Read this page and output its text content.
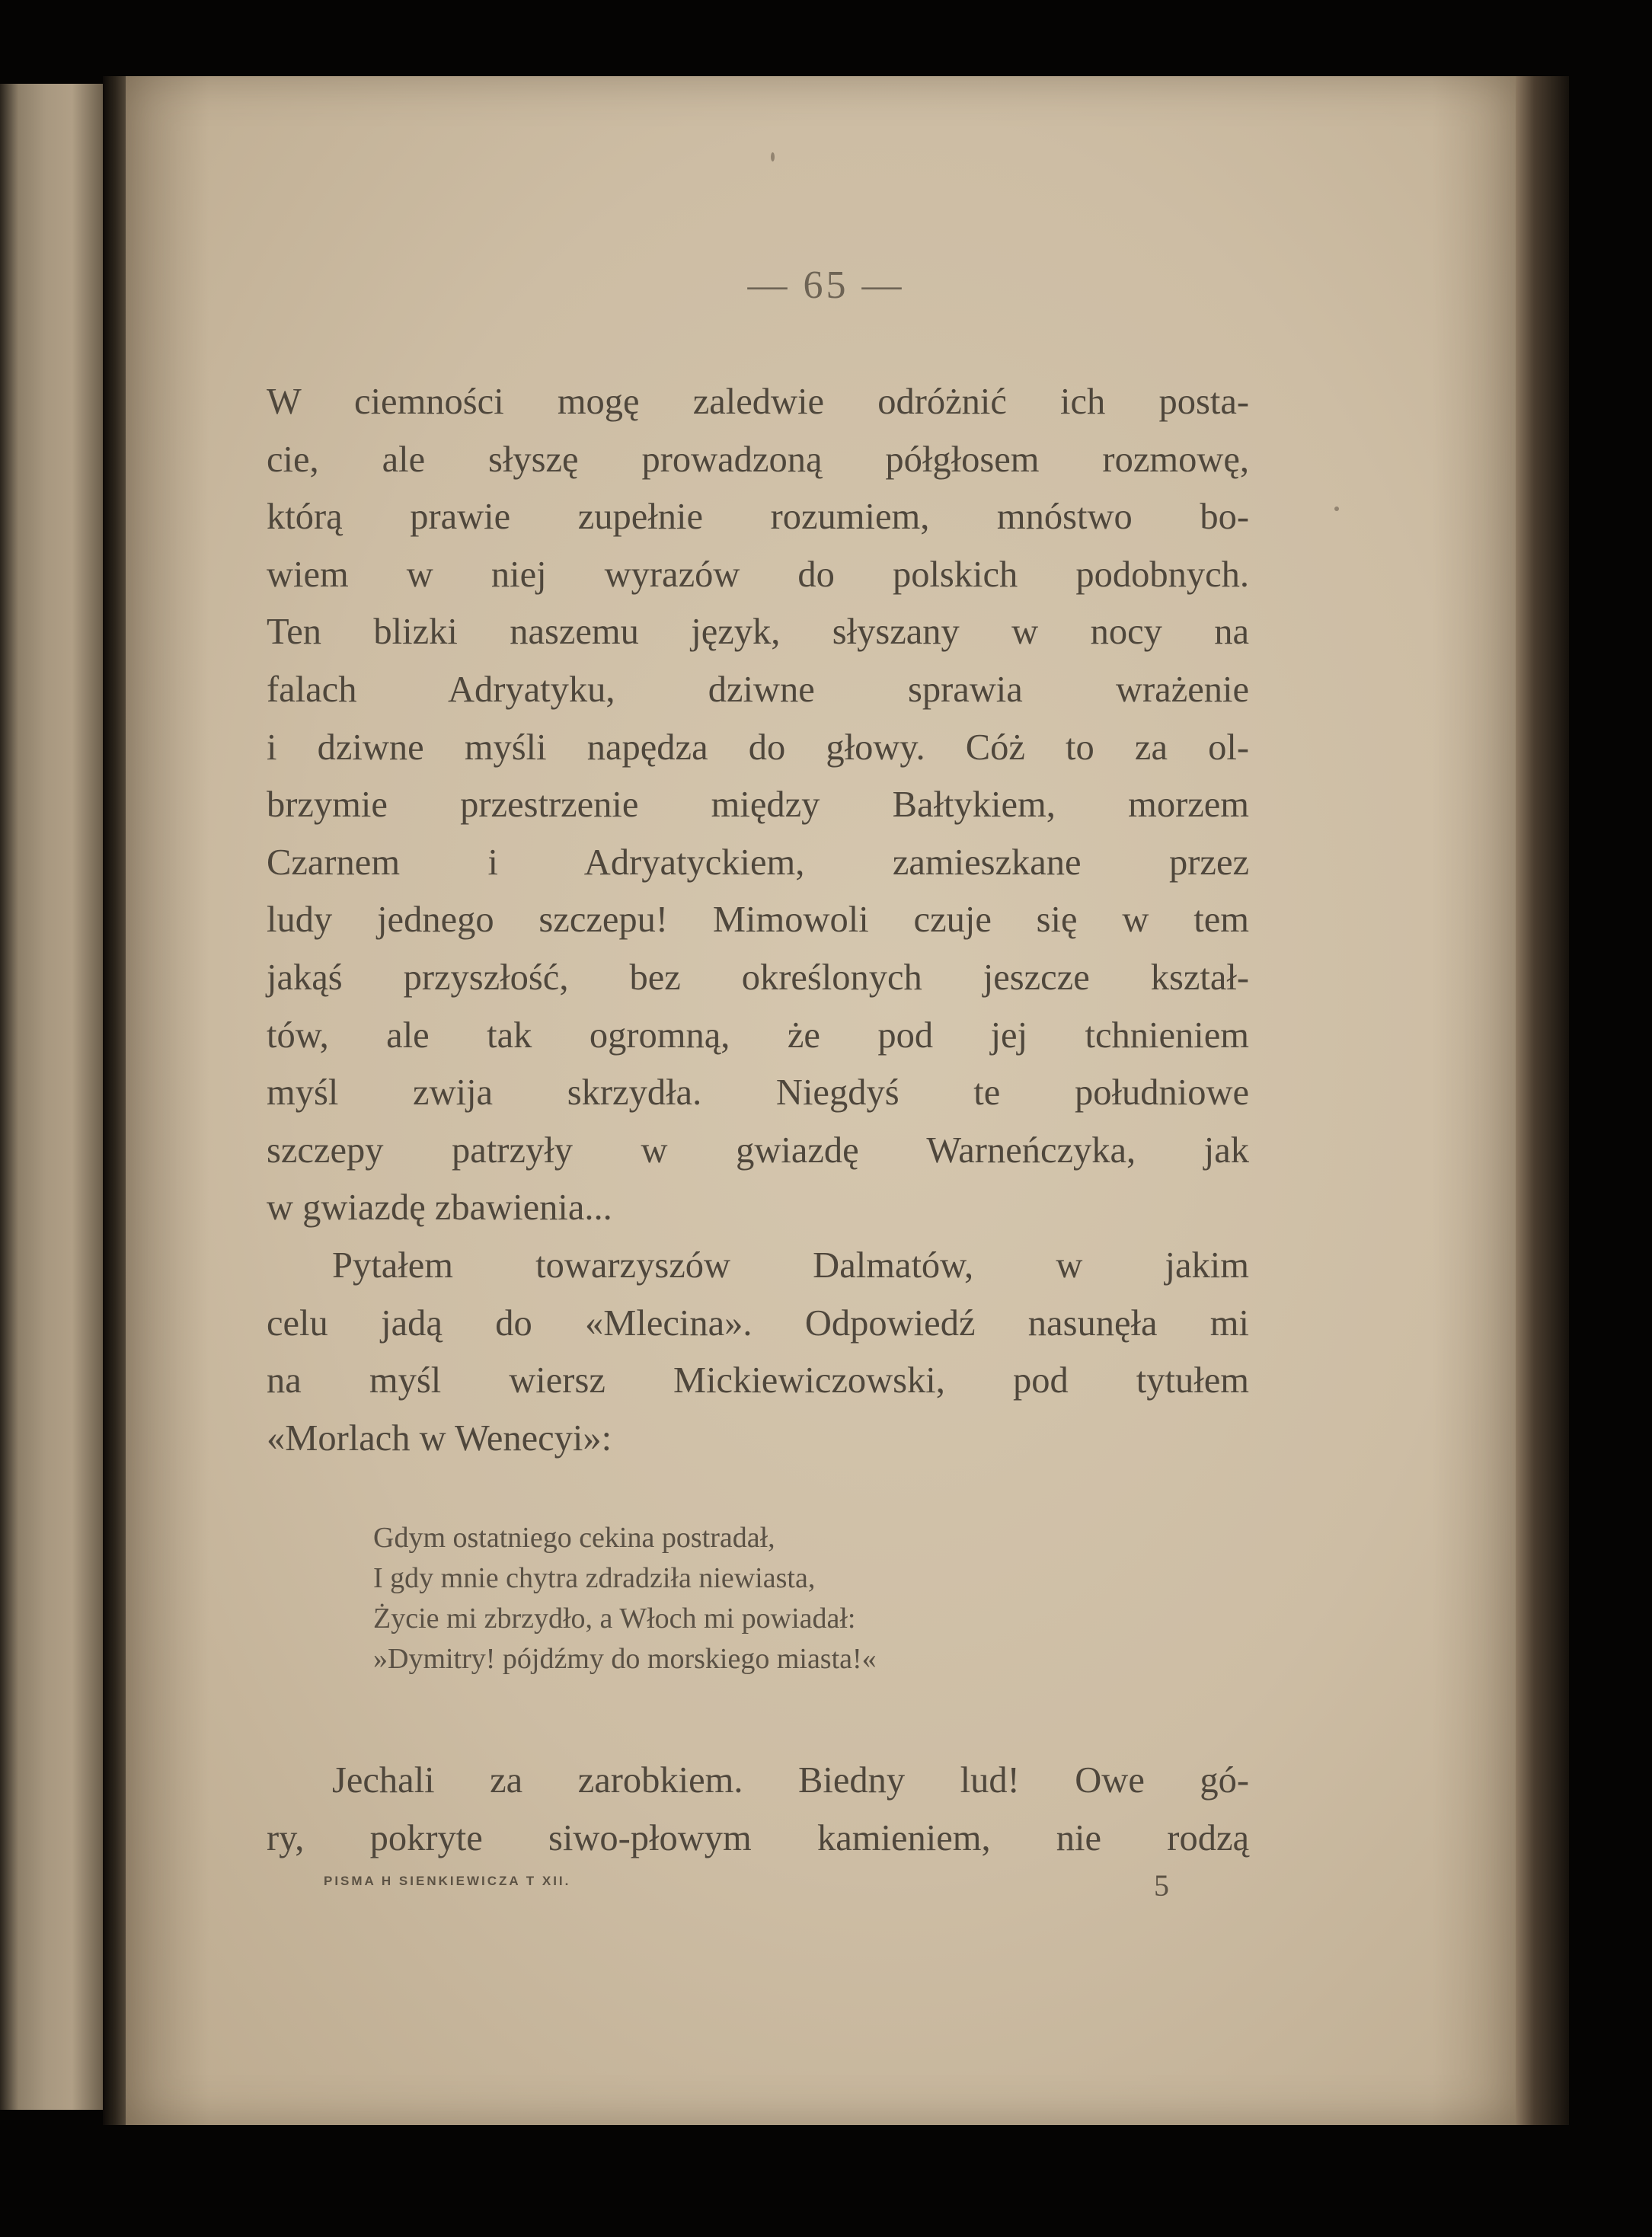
— 65 —
W ciemności mogę zaledwie odróżnić ich posta-
cie, ale słyszę prowadzoną półgłosem rozmowę,
którą prawie zupełnie rozumiem, mnóstwo bo-
wiem w niej wyrazów do polskich podobnych.
Ten blizki naszemu język, słyszany w nocy na
falach Adryatyku, dziwne sprawia wrażenie
i dziwne myśli napędza do głowy. Cóż to za ol-
brzymie przestrzenie między Bałtykiem, morzem
Czarnem i Adryatyckiem, zamieszkane przez
ludy jednego szczepu! Mimowoli czuje się w tem
jakąś przyszłość, bez określonych jeszcze kształ-
tów, ale tak ogromną, że pod jej tchnieniem
myśl zwija skrzydła. Niegdyś te południowe
szczepy patrzyły w gwiazdę Warneńczyka, jak
w gwiazdę zbawienia...
Pytałem towarzyszów Dalmatów, w jakim
celu jadą do «Mlecina». Odpowiedź nasunęła mi
na myśl wiersz Mickiewiczowski, pod tytułem
«Morlach w Wenecyi»:
Gdym ostatniego cekina postradał,
I gdy mnie chytra zdradziła niewiasta,
Życie mi zbrzydło, a Włoch mi powiadał:
»Dymitry! pójdźmy do morskiego miasta!«
Jechali za zarobkiem. Biedny lud! Owe gó-
ry, pokryte siwo-płowym kamieniem, nie rodzą
PISMA H SIENKIEWICZA T XII.	5
